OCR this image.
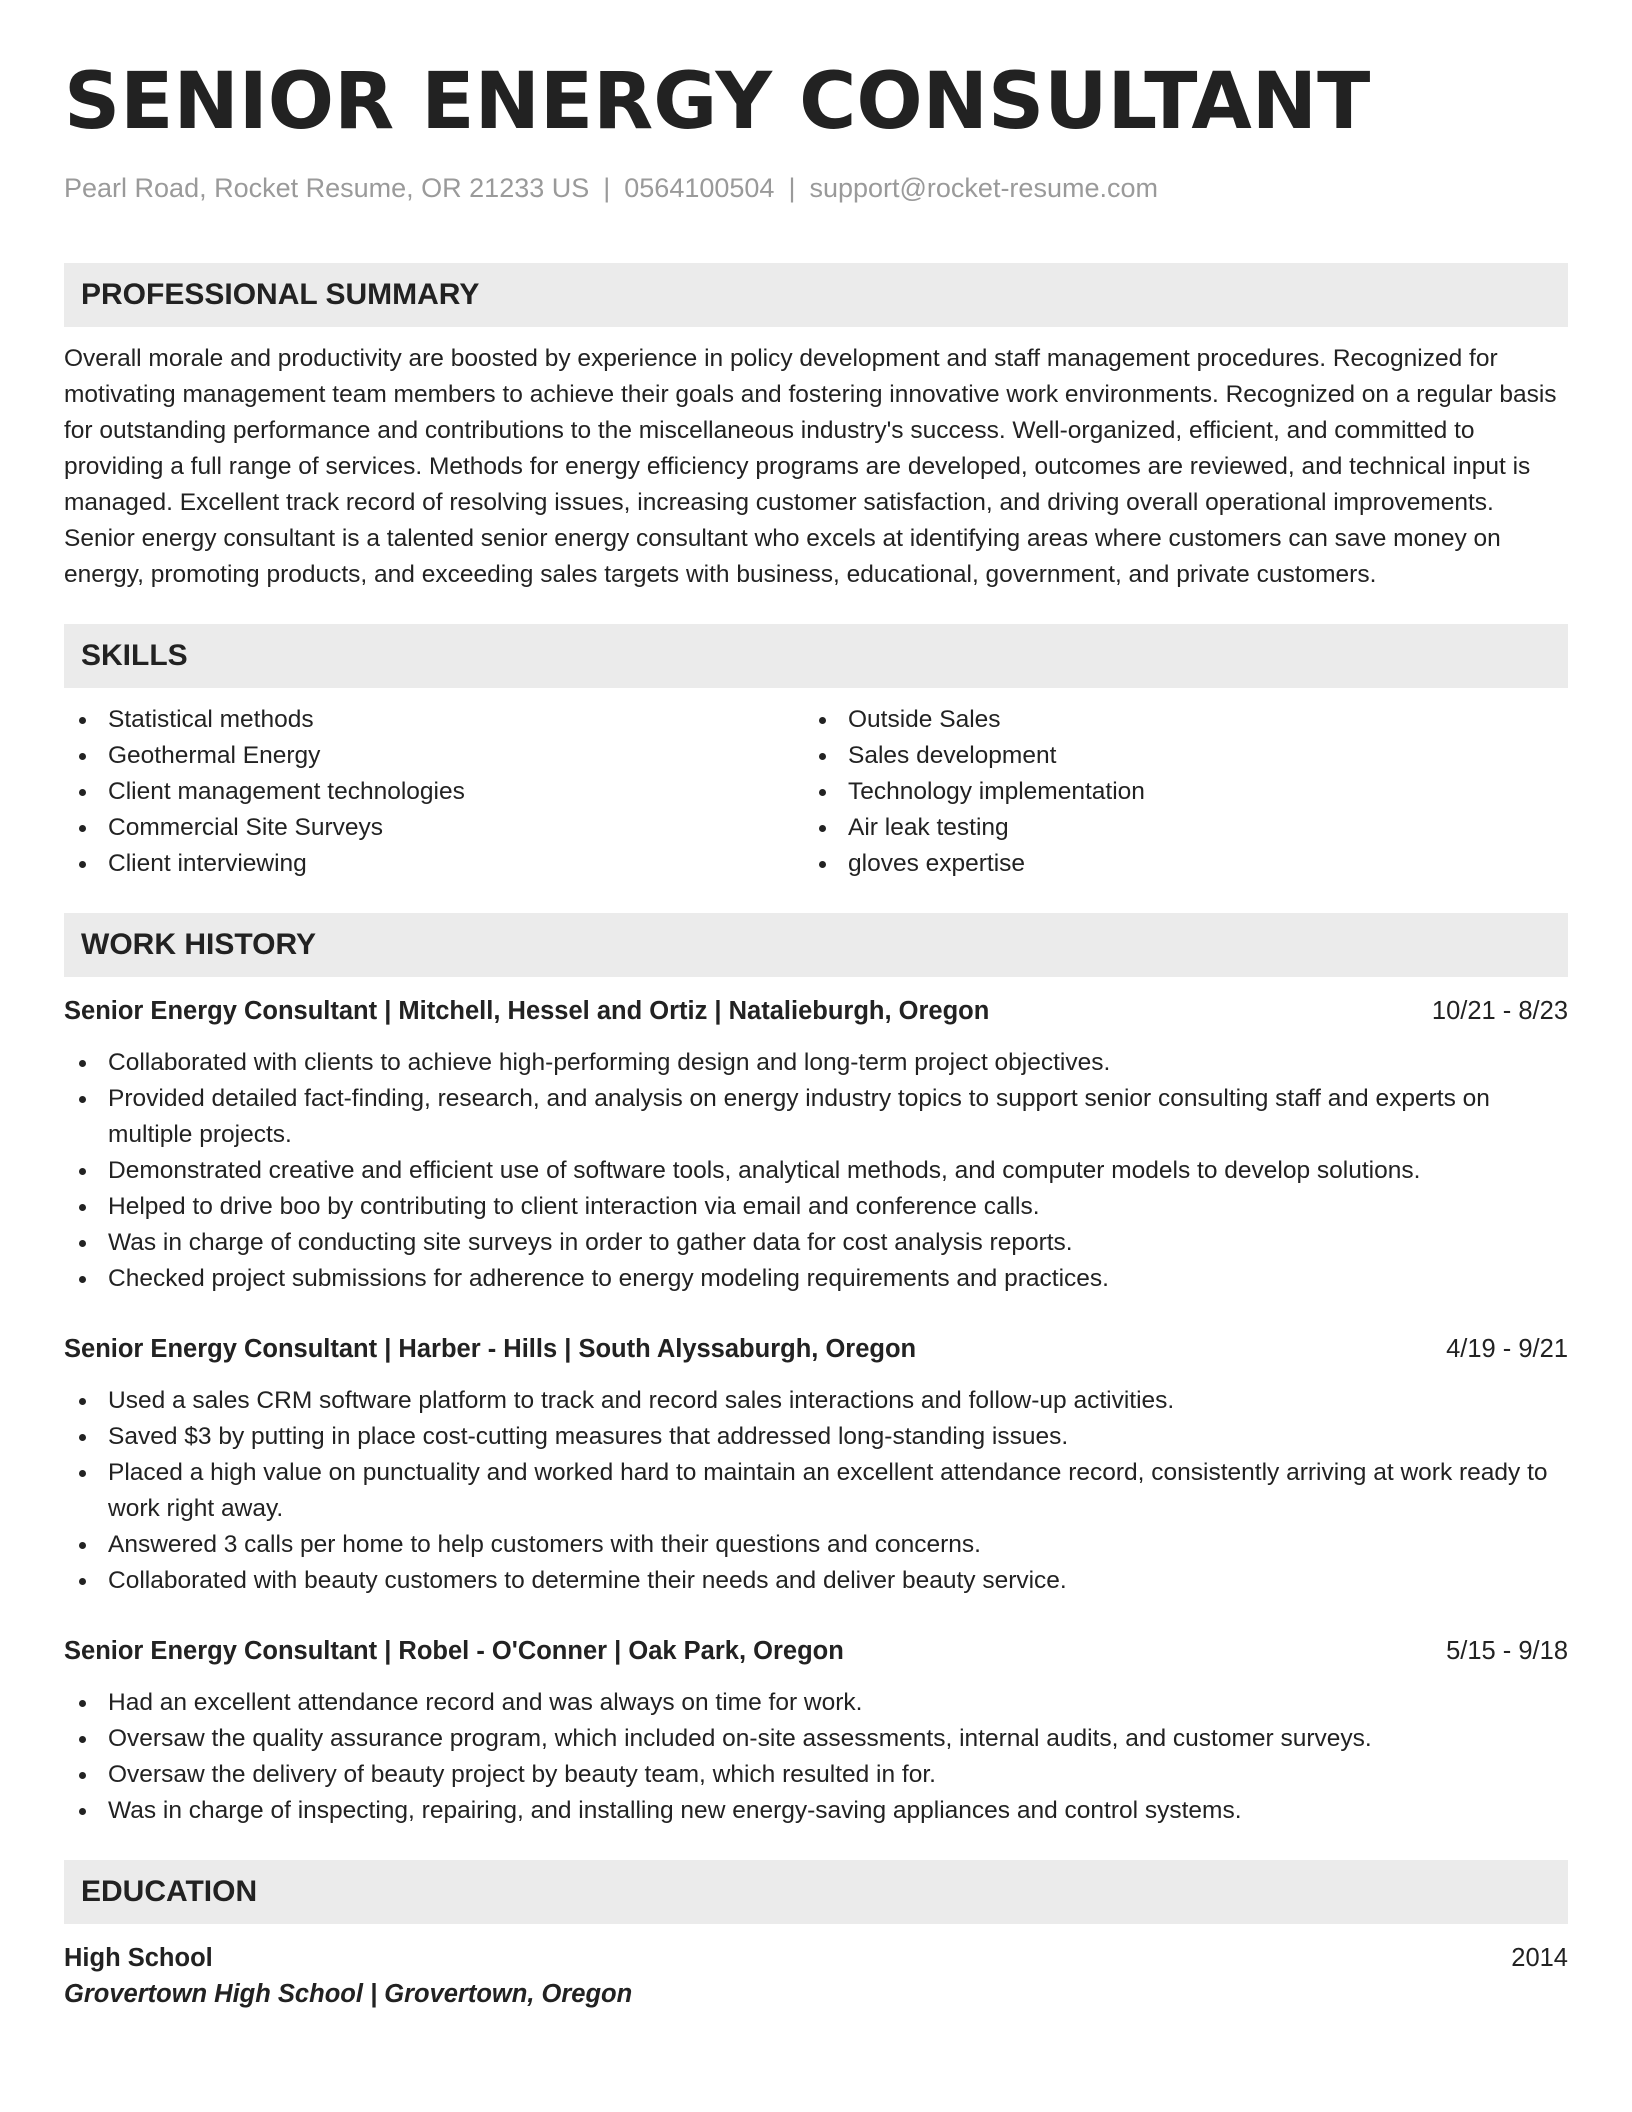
SENIOR ENERGY CONSULTANT
Pearl Road, Rocket Resume, OR 21233 US | 0564100504 | support@rocket-resume.com
PROFESSIONAL SUMMARY
Overall morale and productivity are boosted by experience in policy development and staff management procedures. Recognized for motivating management team members to achieve their goals and fostering innovative work environments. Recognized on a regular basis for outstanding performance and contributions to the miscellaneous industry's success. Well-organized, efficient, and committed to providing a full range of services. Methods for energy efficiency programs are developed, outcomes are reviewed, and technical input is managed. Excellent track record of resolving issues, increasing customer satisfaction, and driving overall operational improvements. Senior energy consultant is a talented senior energy consultant who excels at identifying areas where customers can save money on energy, promoting products, and exceeding sales targets with business, educational, government, and private customers.
SKILLS
Statistical methods
Geothermal Energy
Client management technologies
Commercial Site Surveys
Client interviewing
Outside Sales
Sales development
Technology implementation
Air leak testing
gloves expertise
WORK HISTORY
Senior Energy Consultant | Mitchell, Hessel and Ortiz | Natalieburgh, Oregon	10/21 - 8/23
Collaborated with clients to achieve high-performing design and long-term project objectives.
Provided detailed fact-finding, research, and analysis on energy industry topics to support senior consulting staff and experts on multiple projects.
Demonstrated creative and efficient use of software tools, analytical methods, and computer models to develop solutions.
Helped to drive boo by contributing to client interaction via email and conference calls.
Was in charge of conducting site surveys in order to gather data for cost analysis reports.
Checked project submissions for adherence to energy modeling requirements and practices.
Senior Energy Consultant | Harber - Hills | South Alyssaburgh, Oregon	4/19 - 9/21
Used a sales CRM software platform to track and record sales interactions and follow-up activities.
Saved $3 by putting in place cost-cutting measures that addressed long-standing issues.
Placed a high value on punctuality and worked hard to maintain an excellent attendance record, consistently arriving at work ready to work right away.
Answered 3 calls per home to help customers with their questions and concerns.
Collaborated with beauty customers to determine their needs and deliver beauty service.
Senior Energy Consultant | Robel - O'Conner | Oak Park, Oregon	5/15 - 9/18
Had an excellent attendance record and was always on time for work.
Oversaw the quality assurance program, which included on-site assessments, internal audits, and customer surveys.
Oversaw the delivery of beauty project by beauty team, which resulted in for.
Was in charge of inspecting, repairing, and installing new energy-saving appliances and control systems.
EDUCATION
High School	2014
Grovertown High School | Grovertown, Oregon
